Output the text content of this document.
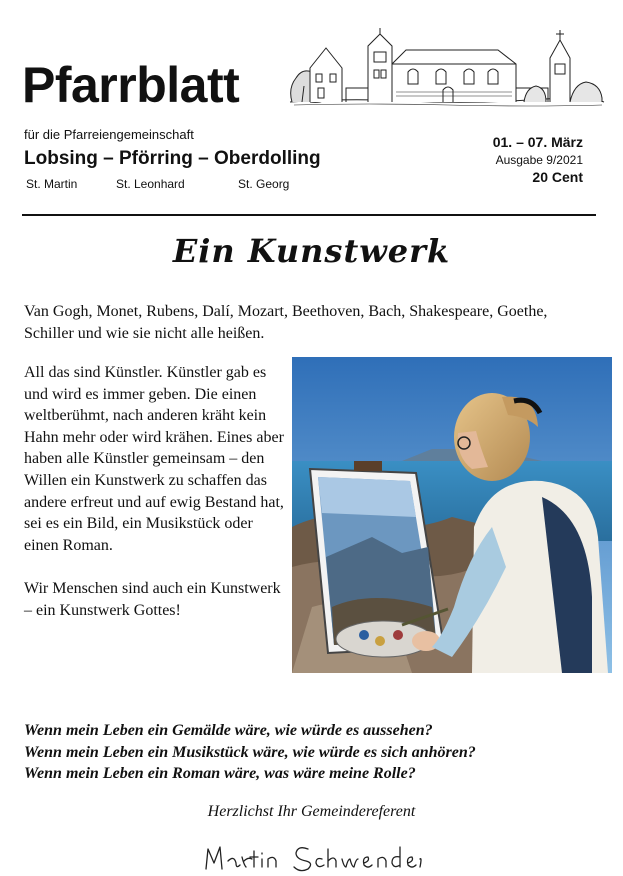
Pfarrblatt
für die Pfarreiengemeinschaft
Lobsing – Pförring – Oberdolling
St. Martin	St. Leonhard	St. Georg
01. – 07. März
Ausgabe 9/2021
20 Cent
Ein Kunstwerk
Van Gogh, Monet, Rubens, Dalí, Mozart, Beethoven, Bach, Shakespeare, Goethe, Schiller und wie sie nicht alle heißen.

All das sind Künstler. Künstler gab es und wird es immer geben. Die einen weltberühmt, nach anderen kräht kein Hahn mehr oder wird krähen. Eines aber haben alle Künstler gemeinsam – den Willen ein Kunstwerk zu schaffen das andere erfreut und auf ewig Bestand hat, sei es ein Bild, ein Musikstück oder einen Roman.

Wir Menschen sind auch ein Kunstwerk – ein Kunstwerk Gottes!

Wenn mein Leben ein Gemälde wäre, wie würde es aussehen?
Wenn mein Leben ein Musikstück wäre, wie würde es sich anhören?
Wenn mein Leben ein Roman wäre, was wäre meine Rolle?
Herzlichst Ihr Gemeindereferent
